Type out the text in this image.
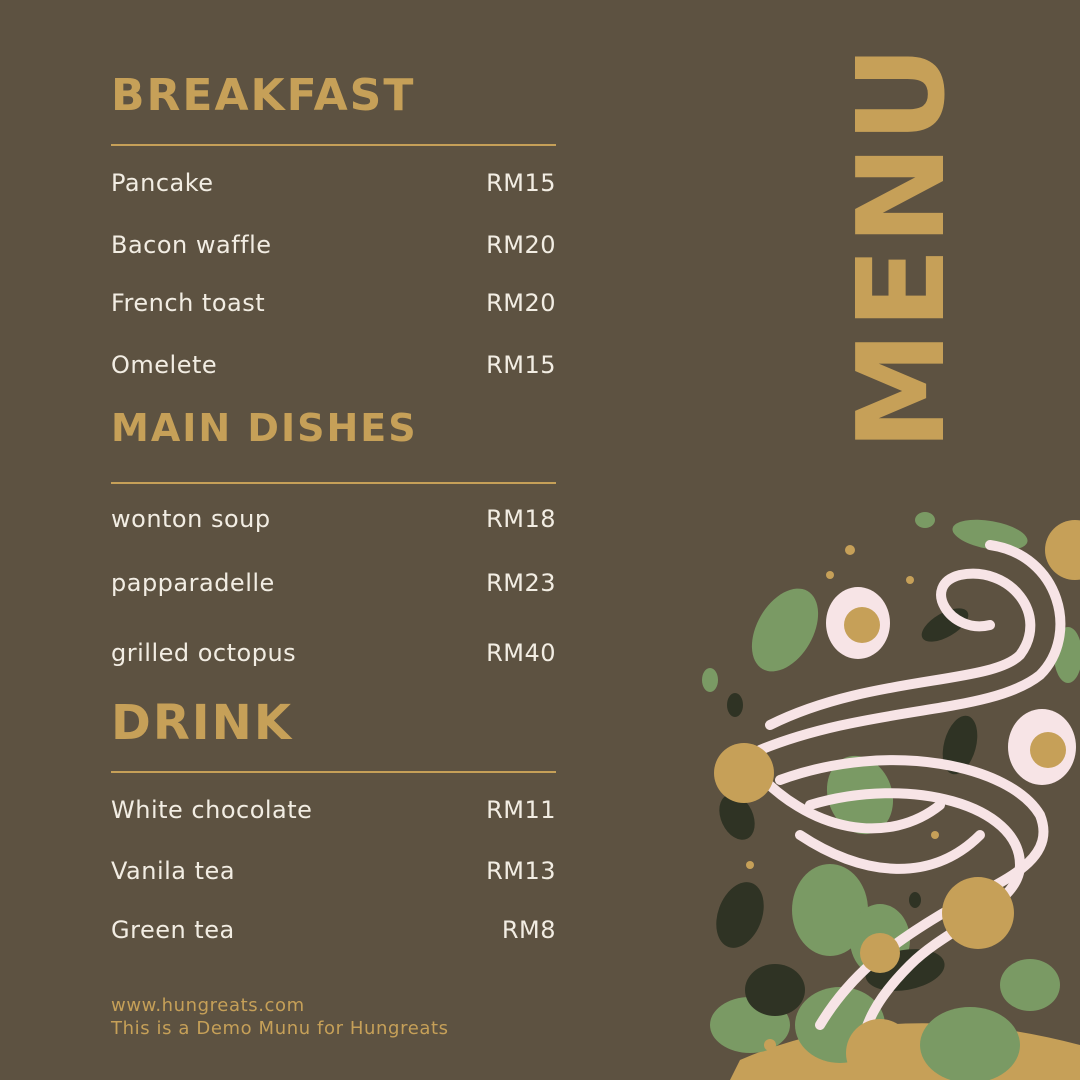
BREAKFAST
Pancake	RM15
Bacon waffle	RM20
French toast	RM20
Omelete	RM15
MAIN DISHES
wonton soup	RM18
papparadelle	RM23
grilled octopus	RM40
DRINK
White chocolate	RM11
Vanila tea	RM13
Green tea	RM8
www.hungreats.com
This is a Demo Munu for Hungreats
MENU
